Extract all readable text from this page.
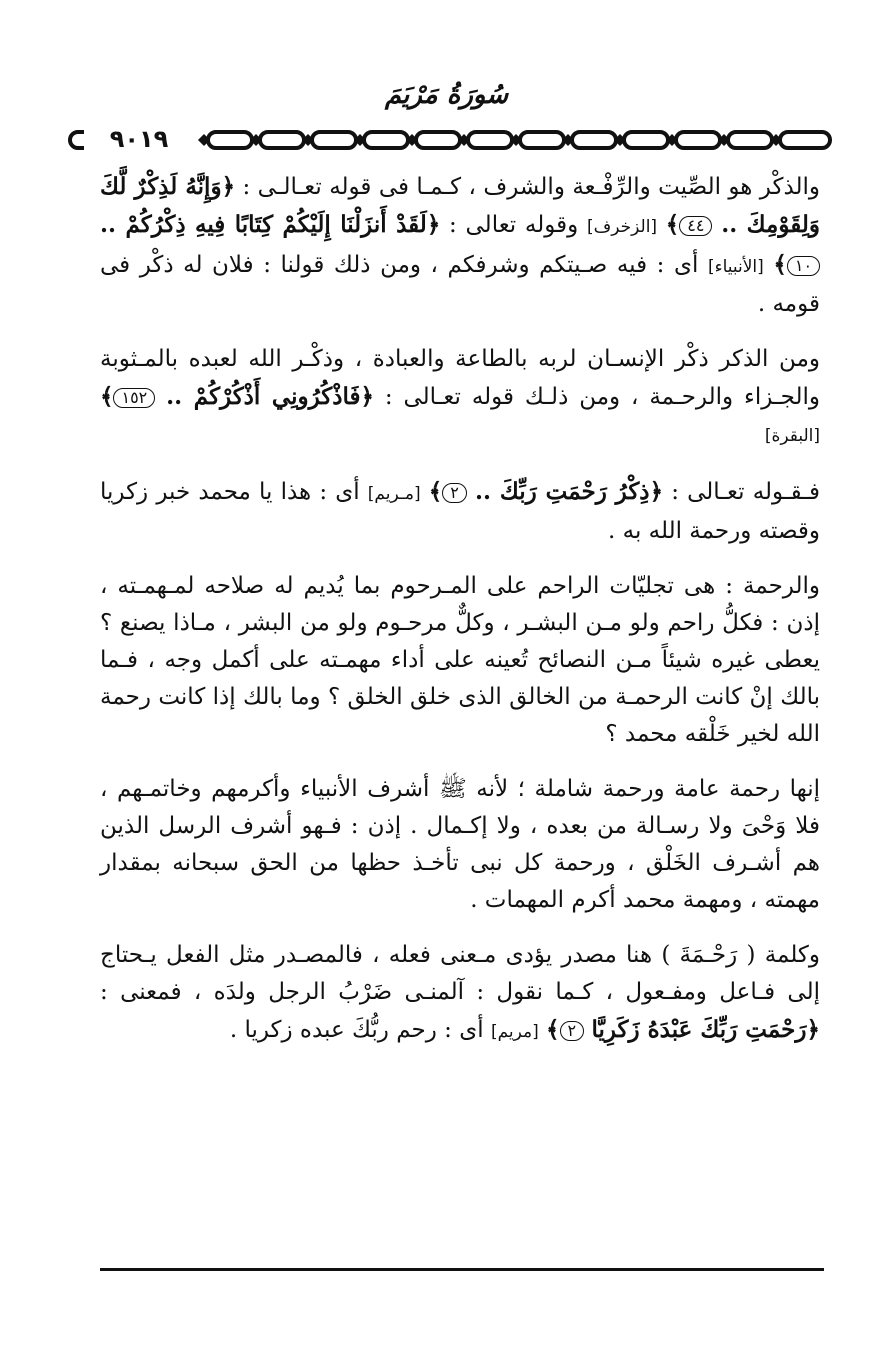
سُورَةُ مَرْيَمَ
٩٠١٩

والذكْر هو الصِّيت والرِّفْـعة والشرف ، كـمـا فى قوله تعـالـى : ﴿وَإِنَّهُ لَذِكْرٌ لَّكَ وَلِقَوْمِكَ .. ٤٤﴾ [الزخرف] وقوله تعالى : ﴿لَقَدْ أَنزَلْنَا إِلَيْكُمْ كِتَابًا فِيهِ ذِكْرُكُمْ .. ١٠﴾ [الأنبياء] أى : فيه صـيتكم وشرفكم ، ومن ذلك قولنا : فلان له ذكْر فى قومه .

ومن الذكر ذكْر الإنسـان لربه بالطاعة والعبادة ، وذكْـر الله لعبده بالمـثوبة والجـزاء والرحـمة ، ومن ذلـك قوله تعـالى : ﴿فَاذْكُرُونِي أَذْكُرْكُمْ .. ١٥٢﴾ [البقرة]

فـقـوله تعـالى : ﴿ذِكْرُ رَحْمَتِ رَبِّكَ .. ٢﴾ [مـريم] أى : هذا يا محمد خبر زكريا وقصته ورحمة الله به .

والرحمة : هى تجليّات الراحم على المـرحوم بما يُديم له صلاحه لمـهمـته ، إذن : فكلُّ راحم ولو مـن البشـر ، وكلٌّ مرحـوم ولو من البشر ، مـاذا يصنع ؟ يعطى غيره شيئاً مـن النصائح تُعينه على أداء مهمـته على أكمل وجه ، فـما بالك إنْ كانت الرحمـة من الخالق الذى خلق الخلق ؟ وما بالك إذا كانت رحمة الله لخير خَلْقه محمد ؟

إنها رحمة عامة ورحمة شاملة ؛ لأنه ﷺ أشرف الأنبياء وأكرمهم وخاتمـهم ، فلا وَحْىَ ولا رسـالة من بعده ، ولا إكـمال . إذن : فـهو أشرف الرسل الذين هم أشـرف الخَلْق ، ورحمة كل نبى تأخـذ حظها من الحق سبحانه بمقدار مهمته ، ومهمة محمد أكرم المهمات .

وكلمة ( رَحْـمَةَ ) هنا مصدر يؤدى مـعنى فعله ، فالمصـدر مثل الفعل يـحتاج إلى فـاعل ومفـعول ، كـما نقول : آلمنـى ضَرْبُ الرجل ولدَه ، فمعنى : ﴿رَحْمَتِ رَبِّكَ عَبْدَهُ زَكَرِيَّا ٢﴾ [مريم] أى : رحم ربُّكَ عبده زكريا .
